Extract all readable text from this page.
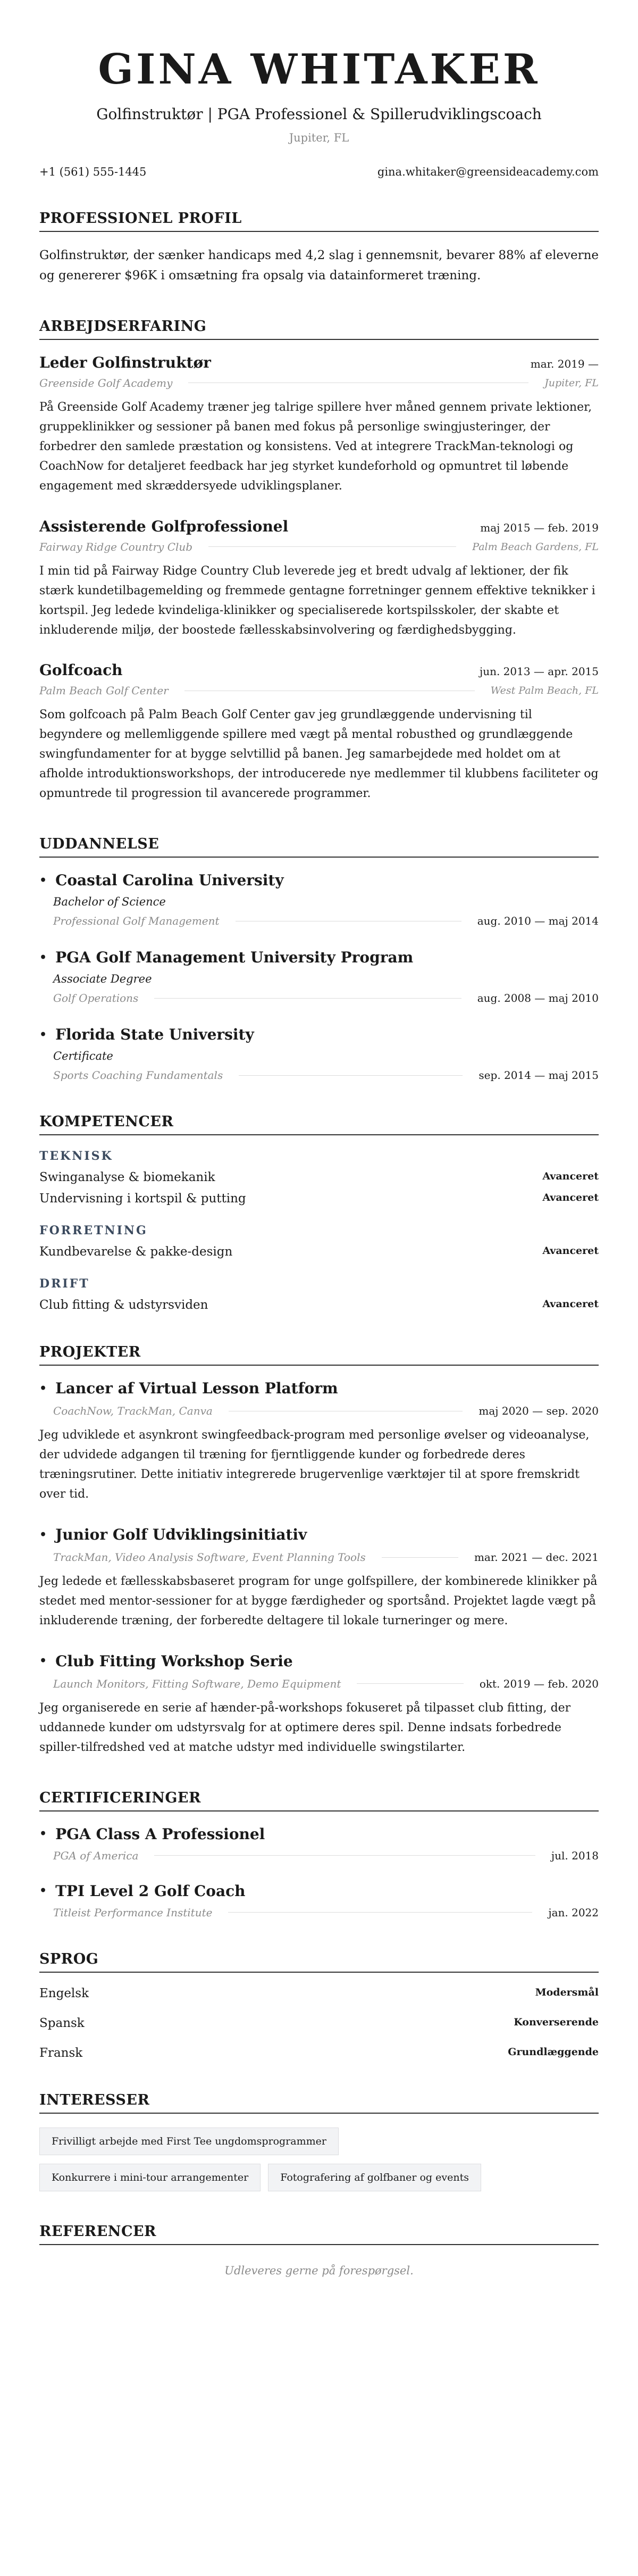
GINA WHITAKER
Golfinstruktør | PGA Professionel & Spillerudviklingscoach
Jupiter, FL
+1 (561) 555-1445	gina.whitaker@greensideacademy.com
PROFESSIONEL PROFIL
Golfinstruktør, der sænker handicaps med 4,2 slag i gennemsnit, bevarer 88% af eleverne og genererer $96K i omsætning fra opsalg via datainformeret træning.
ARBEJDSERFARING
Leder Golfinstruktør	mar. 2019 —
Greenside Golf Academy	Jupiter, FL
På Greenside Golf Academy træner jeg talrige spillere hver måned gennem private lektioner, gruppeklinikker og sessioner på banen med fokus på personlige swingjusteringer, der forbedrer den samlede præstation og konsistens. Ved at integrere TrackMan-teknologi og CoachNow for detaljeret feedback har jeg styrket kundeforhold og opmuntret til løbende engagement med skræddersyede udviklingsplaner.
Assisterende Golfprofessionel	maj 2015 — feb. 2019
Fairway Ridge Country Club	Palm Beach Gardens, FL
I min tid på Fairway Ridge Country Club leverede jeg et bredt udvalg af lektioner, der fik stærk kundetilbagemelding og fremmede gentagne forretninger gennem effektive teknikker i kortspil. Jeg ledede kvindeliga-klinikker og specialiserede kortspilsskoler, der skabte et inkluderende miljø, der boostede fællesskabsinvolvering og færdighedsbygging.
Golfcoach	jun. 2013 — apr. 2015
Palm Beach Golf Center	West Palm Beach, FL
Som golfcoach på Palm Beach Golf Center gav jeg grundlæggende undervisning til begyndere og mellemliggende spillere med vægt på mental robusthed og grundlæggende swingfundamenter for at bygge selvtillid på banen. Jeg samarbejdede med holdet om at afholde introduktionsworkshops, der introducerede nye medlemmer til klubbens faciliteter og opmuntrede til progression til avancerede programmer.
UDDANNELSE
• Coastal Carolina University
Bachelor of Science
Professional Golf Management	aug. 2010 — maj 2014
• PGA Golf Management University Program
Associate Degree
Golf Operations	aug. 2008 — maj 2010
• Florida State University
Certificate
Sports Coaching Fundamentals	sep. 2014 — maj 2015
KOMPETENCER
TEKNISK
Swinganalyse & biomekanik	Avanceret
Undervisning i kortspil & putting	Avanceret
FORRETNING
Kundbevarelse & pakke-design	Avanceret
DRIFT
Club fitting & udstyrsviden	Avanceret
PROJEKTER
• Lancer af Virtual Lesson Platform
CoachNow, TrackMan, Canva	maj 2020 — sep. 2020
Jeg udviklede et asynkront swingfeedback-program med personlige øvelser og videoanalyse, der udvidede adgangen til træning for fjerntliggende kunder og forbedrede deres træningsrutiner. Dette initiativ integrerede brugervenlige værktøjer til at spore fremskridt over tid.
• Junior Golf Udviklingsinitiativ
TrackMan, Video Analysis Software, Event Planning Tools	mar. 2021 — dec. 2021
Jeg ledede et fællesskabsbaseret program for unge golfspillere, der kombinerede klinikker på stedet med mentor-sessioner for at bygge færdigheder og sportsånd. Projektet lagde vægt på inkluderende træning, der forberedte deltagere til lokale turneringer og mere.
• Club Fitting Workshop Serie
Launch Monitors, Fitting Software, Demo Equipment	okt. 2019 — feb. 2020
Jeg organiserede en serie af hænder-på-workshops fokuseret på tilpasset club fitting, der uddannede kunder om udstyrsvalg for at optimere deres spil. Denne indsats forbedrede spiller-tilfredshed ved at matche udstyr med individuelle swingstilarter.
CERTIFICERINGER
• PGA Class A Professionel
PGA of America	jul. 2018
• TPI Level 2 Golf Coach
Titleist Performance Institute	jan. 2022
SPROG
Engelsk	Modersmål
Spansk	Konverserende
Fransk	Grundlæggende
INTERESSER
Frivilligt arbejde med First Tee ungdomsprogrammer
Konkurrere i mini-tour arrangementer	Fotografering af golfbaner og events
REFERENCER
Udleveres gerne på forespørgsel.
